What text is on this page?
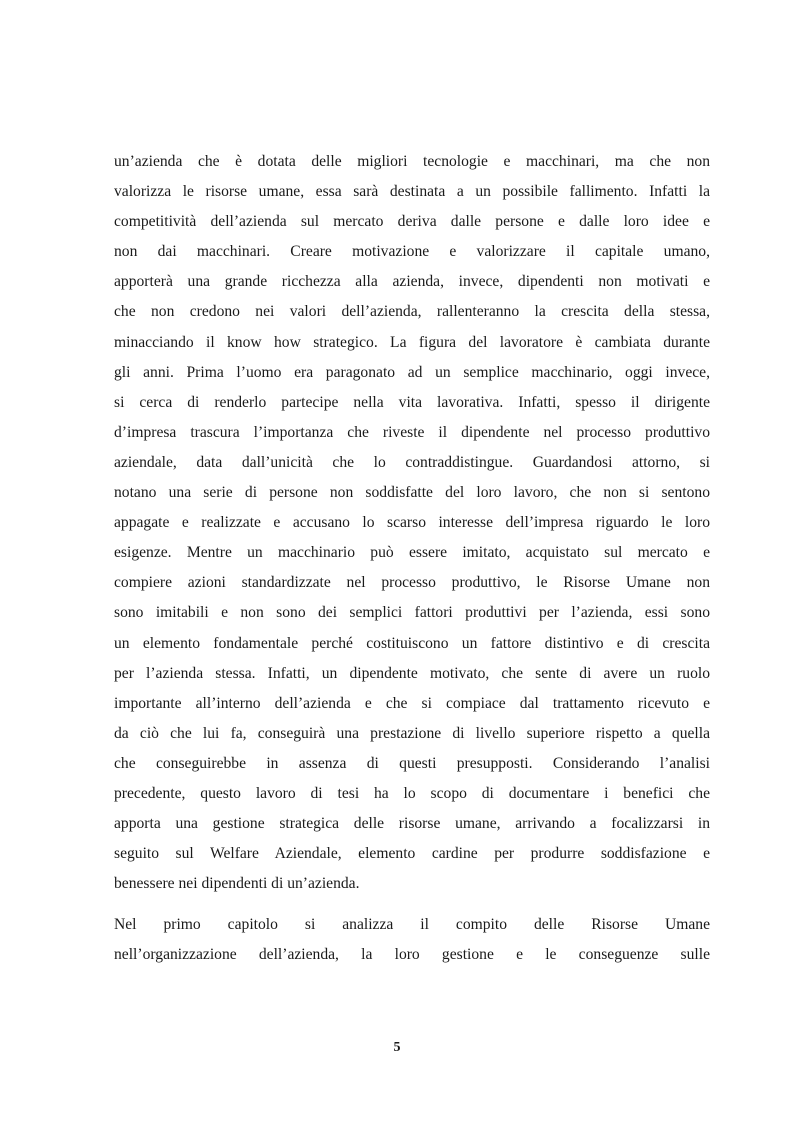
un’azienda che è dotata delle migliori tecnologie e macchinari, ma che non
valorizza le risorse umane, essa sarà destinata a un possibile fallimento. Infatti la
competitività dell’azienda sul mercato deriva dalle persone e dalle loro idee e
non dai macchinari. Creare motivazione e valorizzare il capitale umano,
apporterà una grande ricchezza alla azienda, invece, dipendenti non motivati e
che non credono nei valori dell’azienda, rallenteranno la crescita della stessa,
minacciando il know how strategico. La figura del lavoratore è cambiata durante
gli anni. Prima l’uomo era paragonato ad un semplice macchinario, oggi invece,
si cerca di renderlo partecipe nella vita lavorativa. Infatti, spesso il dirigente
d’impresa trascura l’importanza che riveste il dipendente nel processo produttivo
aziendale, data dall’unicità che lo contraddistingue. Guardandosi attorno, si
notano una serie di persone non soddisfatte del loro lavoro, che non si sentono
appagate e realizzate e accusano lo scarso interesse dell’impresa riguardo le loro
esigenze. Mentre un macchinario può essere imitato, acquistato sul mercato e
compiere azioni standardizzate nel processo produttivo, le Risorse Umane non
sono imitabili e non sono dei semplici fattori produttivi per l’azienda, essi sono
un elemento fondamentale perché costituiscono un fattore distintivo e di crescita
per l’azienda stessa. Infatti, un dipendente motivato, che sente di avere un ruolo
importante all’interno dell’azienda e che si compiace dal trattamento ricevuto e
da ciò che lui fa, conseguirà una prestazione di livello superiore rispetto a quella
che conseguirebbe in assenza di questi presupposti. Considerando l’analisi
precedente, questo lavoro di tesi ha lo scopo di documentare i benefici che
apporta una gestione strategica delle risorse umane, arrivando a focalizzarsi in
seguito sul Welfare Aziendale, elemento cardine per produrre soddisfazione e
benessere nei dipendenti di un’azienda.

Nel primo capitolo si analizza il compito delle Risorse Umane
nell’organizzazione dell’azienda, la loro gestione e le conseguenze sulle

5
